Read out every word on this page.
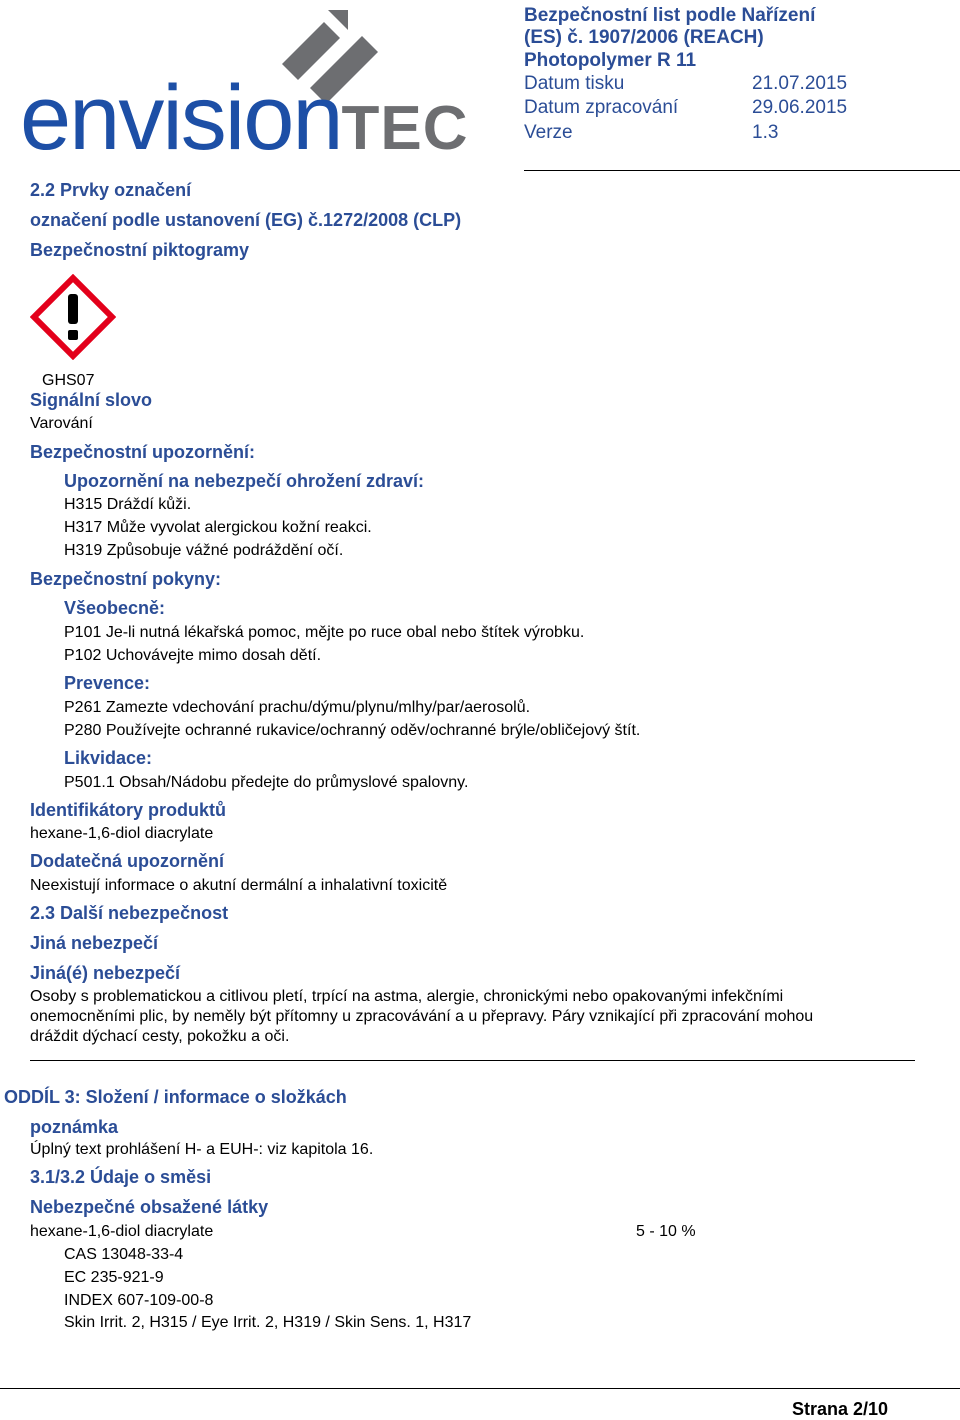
envisionTEC
Bezpečnostní list podle Nařízení
(ES) č. 1907/2006 (REACH)
Photopolymer R 11
Datum tisku	21.07.2015
Datum zpracování	29.06.2015
Verze	1.3
2.2 Prvky označení
označení podle ustanovení (EG) č.1272/2008 (CLP)
Bezpečnostní piktogramy
GHS07
Signální slovo
Varování
Bezpečnostní upozornění:
Upozornění na nebezpečí ohrožení zdraví:
H315 Dráždí kůži.
H317 Může vyvolat alergickou kožní reakci.
H319 Způsobuje vážné podráždění očí.
Bezpečnostní pokyny:
Všeobecně:
P101 Je-li nutná lékařská pomoc, mějte po ruce obal nebo štítek výrobku.
P102 Uchovávejte mimo dosah dětí.
Prevence:
P261 Zamezte vdechování prachu/dýmu/plynu/mlhy/par/aerosolů.
P280 Používejte ochranné rukavice/ochranný oděv/ochranné brýle/obličejový štít.
Likvidace:
P501.1 Obsah/Nádobu předejte do průmyslové spalovny.
Identifikátory produktů
hexane-1,6-diol diacrylate
Dodatečná upozornění
Neexistují informace o akutní dermální a inhalativní toxicitě
2.3 Další nebezpečnost
Jiná nebezpečí
Jiná(é) nebezpečí
Osoby s problematickou a citlivou pletí, trpící na astma, alergie, chronickými nebo opakovanými infekčními
onemocněními plic, by neměly být přítomny u zpracovávání a u přepravy. Páry vznikající při zpracování mohou
dráždit dýchací cesty, pokožku a oči.
ODDÍL 3: Složení / informace o složkách
poznámka
Úplný text prohlášení H- a EUH-: viz kapitola 16.
3.1/3.2 Údaje o směsi
Nebezpečné obsažené látky
hexane-1,6-diol diacrylate	5 - 10 %
CAS 13048-33-4
EC 235-921-9
INDEX 607-109-00-8
Skin Irrit. 2, H315 / Eye Irrit. 2, H319 / Skin Sens. 1, H317
Strana 2/10
